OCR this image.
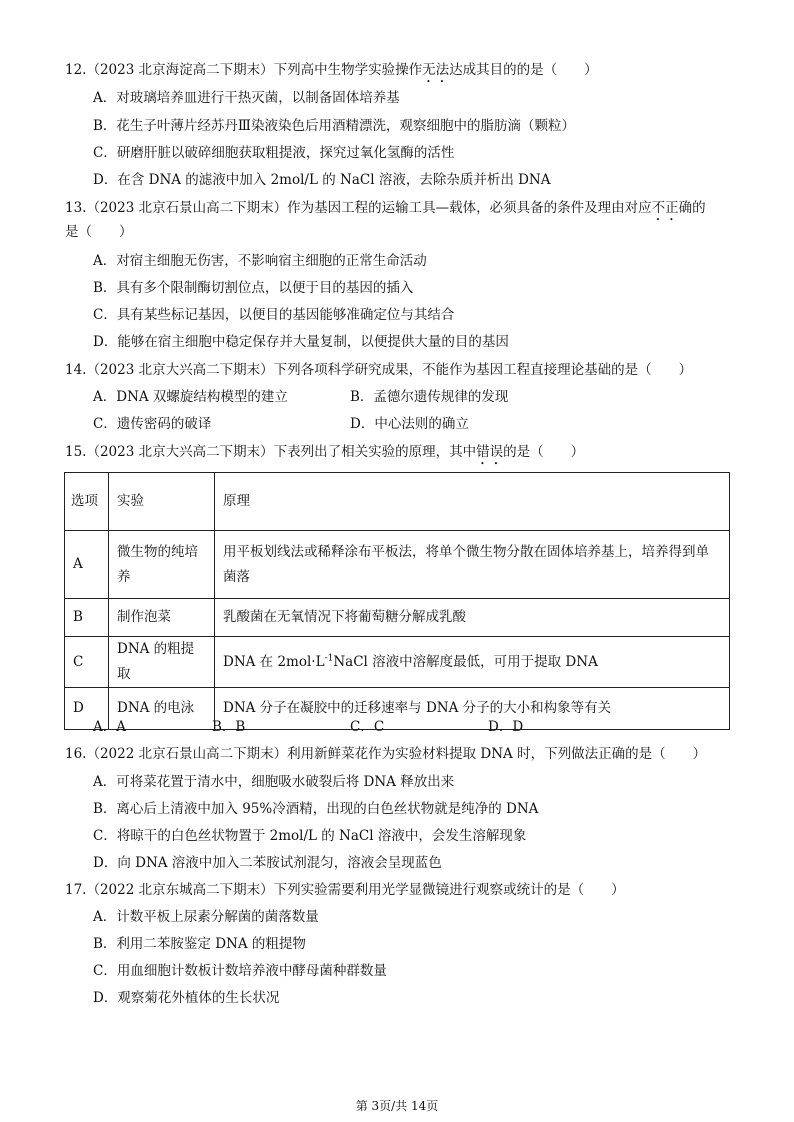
12.（2023 北京海淀高二下期末）下列高中生物学实验操作无法达成其目的的是（　　）
A．对玻璃培养皿进行干热灭菌，以制备固体培养基
B．花生子叶薄片经苏丹Ⅲ染液染色后用酒精漂洗，观察细胞中的脂肪滴（颗粒）
C．研磨肝脏以破碎细胞获取粗提液，探究过氧化氢酶的活性
D．在含 DNA 的滤液中加入 2mol/L 的 NaCl 溶液，去除杂质并析出 DNA
13.（2023 北京石景山高二下期末）作为基因工程的运输工具—载体，必须具备的条件及理由对应不正确的
是（　　）
A．对宿主细胞无伤害，不影响宿主细胞的正常生命活动
B．具有多个限制酶切割位点，以便于目的基因的插入
C．具有某些标记基因，以便目的基因能够准确定位与其结合
D．能够在宿主细胞中稳定保存并大量复制，以便提供大量的目的基因
14.（2023 北京大兴高二下期末）下列各项科学研究成果，不能作为基因工程直接理论基础的是（　　）
A．DNA 双螺旋结构模型的建立	B．孟德尔遗传规律的发现
C．遗传密码的破译	D．中心法则的确立
15.（2023 北京大兴高二下期末）下表列出了相关实验的原理，其中错误的是（　　）
选项	实验	原理
A	微生物的纯培养	用平板划线法或稀释涂布平板法，将单个微生物分散在固体培养基上，培养得到单菌落
B	制作泡菜	乳酸菌在无氧情况下将葡萄糖分解成乳酸
C	DNA 的粗提取	DNA 在 $2mol\cdot L^{-1}NaCl$ 溶液中溶解度最低，可用于提取 DNA
D	DNA 的电泳	DNA 分子在凝胶中的迁移速率与 DNA 分子的大小和构象等有关
A．A	B．B	C．C	D．D
16.（2022 北京石景山高二下期末）利用新鲜菜花作为实验材料提取 DNA 时，下列做法正确的是（　　）
A．可将菜花置于清水中，细胞吸水破裂后将 DNA 释放出来
B．离心后上清液中加入 95%冷酒精，出现的白色丝状物就是纯净的 DNA
C．将晾干的白色丝状物置于 2mol/L 的 NaCl 溶液中，会发生溶解现象
D．向 DNA 溶液中加入二苯胺试剂混匀，溶液会呈现蓝色
17.（2022 北京东城高二下期末）下列实验需要利用光学显微镜进行观察或统计的是（　　）
A．计数平板上尿素分解菌的菌落数量
B．利用二苯胺鉴定 DNA 的粗提物
C．用血细胞计数板计数培养液中酵母菌种群数量
D．观察菊花外植体的生长状况
第 3页/共 14页
